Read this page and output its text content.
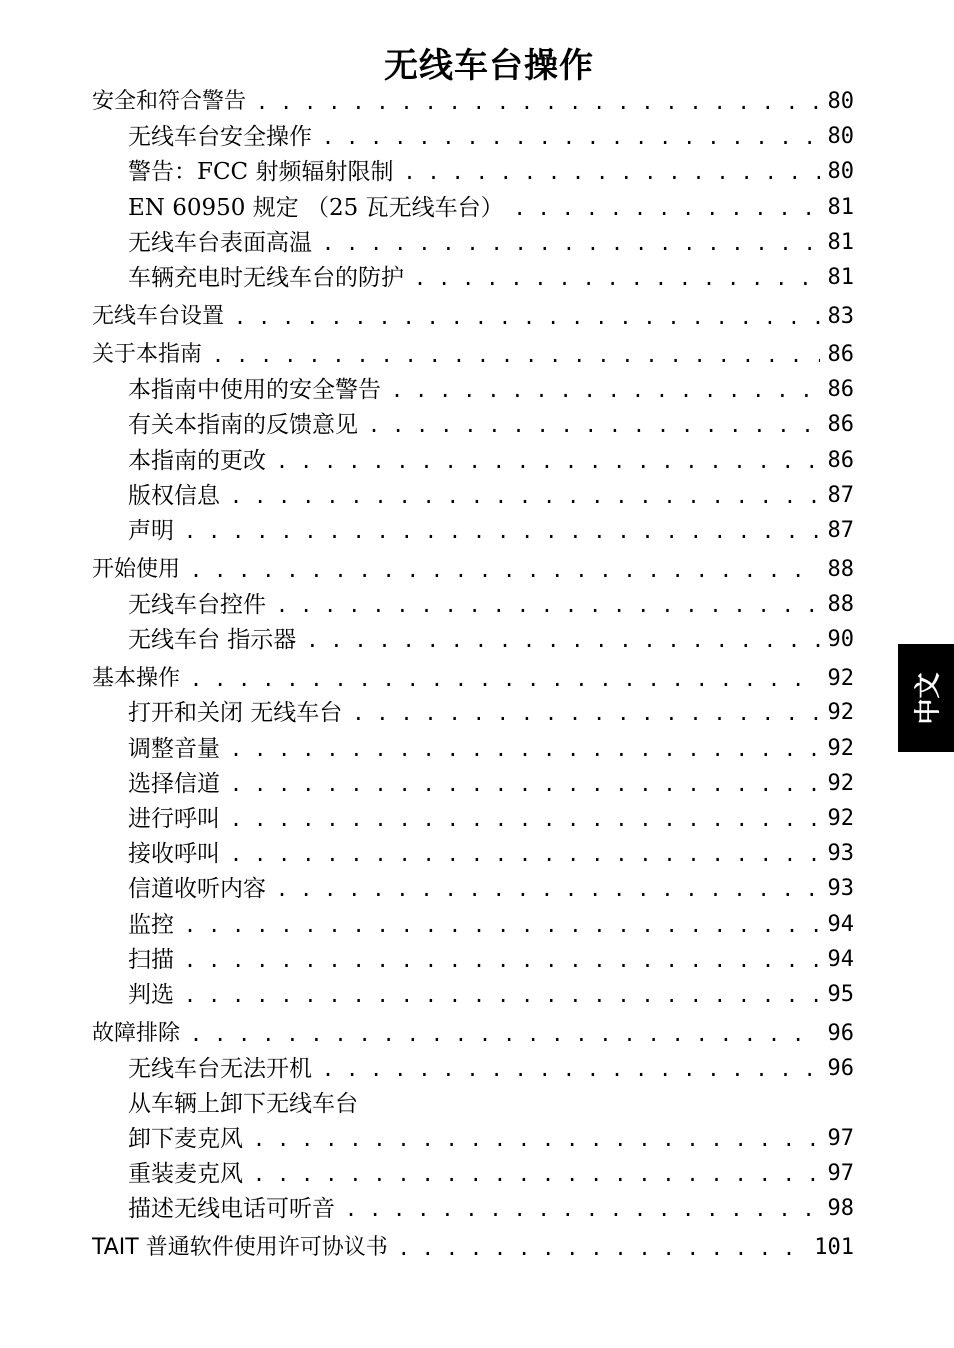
无线车台操作
安全和符合警告 . . .	80
无线车台安全操作 . . .	80
警告：FCC 射频辐射限制 . . .	80
EN 60950 规定 （25 瓦无线车台） . . .	81
无线车台表面高温 . . .	81
车辆充电时无线车台的防护 . . .	81
无线车台设置 . . .	83
关于本指南 . . .	86
本指南中使用的安全警告 . . .	86
有关本指南的反馈意见 . . .	86
本指南的更改 . . .	86
版权信息 . . .	87
声明 . . .	87
开始使用 . . .	88
无线车台控件 . . .	88
无线车台 指示器 . . .	90
基本操作 . . .	92
打开和关闭 无线车台 . . .	92
调整音量 . . .	92
选择信道 . . .	92
进行呼叫 . . .	92
接收呼叫 . . .	93
信道收听内容 . . .	93
监控 . . .	94
扫描 . . .	94
判选 . . .	95
故障排除 . . .	96
无线车台无法开机 . . .	96
从车辆上卸下无线车台
卸下麦克风 . . .	97
重装麦克风 . . .	97
描述无线电话可听音 . . .	98
TAIT 普通软件使用许可协议书 . . .	101
中文
